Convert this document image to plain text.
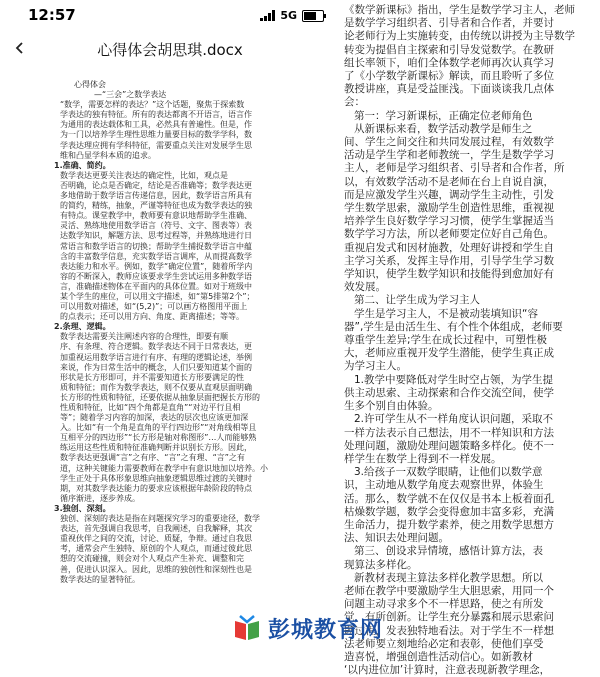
12:57	5G
心得体会胡思琪.docx
心得体会
—“三会”之数学表达
“数学，需要怎样的表达？”这个话题，聚焦于探索数
学表达的独有特征。所有的表达都离不开语言，语言作
为通用的表达载体和工具，必然具有普遍性。但是，作
为一门以培养学生理性思维力量要目标的数学学科，数
学表达理应拥有学科特征，需要重点关注对发展学生思
维和凸显学科本质的追求。
1.准确、简约。
数学表达更要关注表达的确定性，比如，观点是
否明确，论点是否确定，结论是否准确等；数学表达更
多地借助于数学语言传递信息，因此，数学语言所具有
的简约，精练，抽象，严谨等特征也成为数学表达的独
有特点。课堂教学中，教师要有意识地帮助学生准确、
灵活、熟练地使用数学语言（符号、文字、图表等）表
达数学知识，解题方法、思考过程等，并熟练地进行日
常语言和数学语言的切换；帮助学生捕捉数学语言中蕴
含的丰富数学信息，充实数学语言调库，从而提高数学
表达能力和水平。例如，数学“确定位置”，随着所学内
容的不断深入，教师应该要求学生尝试运用多种数学语
言，准确描述物体在平面内的具体位置。如对于班级中
某个学生的座位，可以用文字描述，如“第5排第2个”；
可以用数对描述，如“(5,2)”；可以画方格图用平面上
的点表示；还可以用方向、角度、距离描述；等等。
2.条理、逻辑。
数学表达需要关注阐述内容的合理性，即要有顺
序、有条理、符合逻辑。数学表达不同于日常表达，更
加重视运用数学语言进行有序、有理的逻辑论述，举例
来说，作为日常生活中的概念，人们只要知道某个面的
形状是长方形即可，并不需要知道长方形要满足的性
质和特征；而作为数学表达，则不仅要从直观层面明确
长方形的性质和特征，还要依据从抽象层面把握长方形的
性质和特征，比如“四个角都是直角”“对边平行且相
等”；随着学习内容的加深，表达的层次也应该更加深
入。比如“有一个角是直角的平行四边形”“对角线相等且
互相平分的四边形”“长方形是轴对称图形”…人而能够熟
练运用这些性质和特征准确判断并识别长方形。因此，
数学表达更强调“言”之有序、“言”之有理、“言”之有
道，这种关键能力需要教师在教学中有意识地加以培养。小
学生正处于具体形象思维向抽象逻辑思维过渡的关键时
期，对其数学表达能力的要求应该根据年龄阶段的特点
循序渐进，逐步养成。
3.独创、深刻。
独创、深刻的表达是指在问题探究学习的重要途径，数学
表达，首先强调自我思考，自我阐述，自我解释，其次
重视伙伴之间的交流，讨论、质疑，争辩。通过自我思
考，通常会产生独特、原创的个人观点，而通过彼此思
想的交流碰撞，则会对个人观点产生补充、调整和完
善，促进认识深入。因此，思维的独创性和深刻性也是
数学表达的显著特征。
《数学新课标》指出，学生是数学学习主人，老师
是数学学习组织者、引导者和合作者，并要讨
论老师行为上实施转变，由传统以讲授为主导数学
转变为提倡自主探索和引导发觉数学。在教研
组长率领下，咱们全体数学老师再次认真学习
了《小学数学新课标》解读，而且聆听了多位
教授讲座，真是受益匪浅。下面谈谈我几点体
会：
第一：学习新课标，正确定位老师角色
从新课标来看，数学活动教学是师生之
间、学生之间交往和共同发展过程，有效数学
活动是学生学和老师教统一，学生是数学学习
主人，老师是学习组织者、引导者和合作者，所
以，有效数学活动不是老师在台上自说自演，
而是应激发学生兴趣，调动学生主动性，引发
学生数学思索，激励学生创造性思维，重视视
培养学生良好数学学习习惯，使学生掌握适当
数学学习方法，所以老师要定位好自己角色。
重视启发式和因材施教，处理好讲授和学生自
主学习关系，发挥主导作用，引导学生学习数
学知识，使学生数学知识和技能得到愈加好有
效发展。
第二、让学生成为学习主人
学生是学习主人，不是被动装填知识“容
器”,学生是由活生生、有个性个体组成，老师要
尊重学生差异;学生在成长过程中，可塑性极
大，老师应重视开发学生潜能，使学生真正成
为学习主人。
1.教学中要降低对学生时空占领，为学生提
供主动思索、主动探索和合作交流空间，使学
生多个别自由体验。
2.许可学生从不一样角度认识问题，采取不
一样方法表示自己想法，用不一样知识和方法
处理问题，激励处理问题策略多样化。使不一
样学生在数学上得到不一样发展。
3.给孩子一双数学眼睛，让他们以数学意
识，主动地从数学角度去观察世界，体验生
活。那么，数学就不在仅仅是书本上板着面孔
枯燥数学题，数学会变得愈加丰富多彩，充满
生命活力，提升数学素养，使之用数学思想方
法、知识去处理问题。
第三、创设求异情境，感悟计算方法，表
现算法多样化。
新教材表现主算法多样化教学思想。所以
老师在教学中要激励学生大胆思索，用同一个
问题主动寻求多个不一样思路，使之有所发
觉，有所创新。让学生充分暴露和展示思索问
题过程，发表独特地看法。对于学生不一样想
法老师要立刻地给必定和表彰，使他们享受
造喜悦，增强创造性活动信心。如新教材
‘以内进位加’计算时，注意表现新教学理念，
彭城教育网
